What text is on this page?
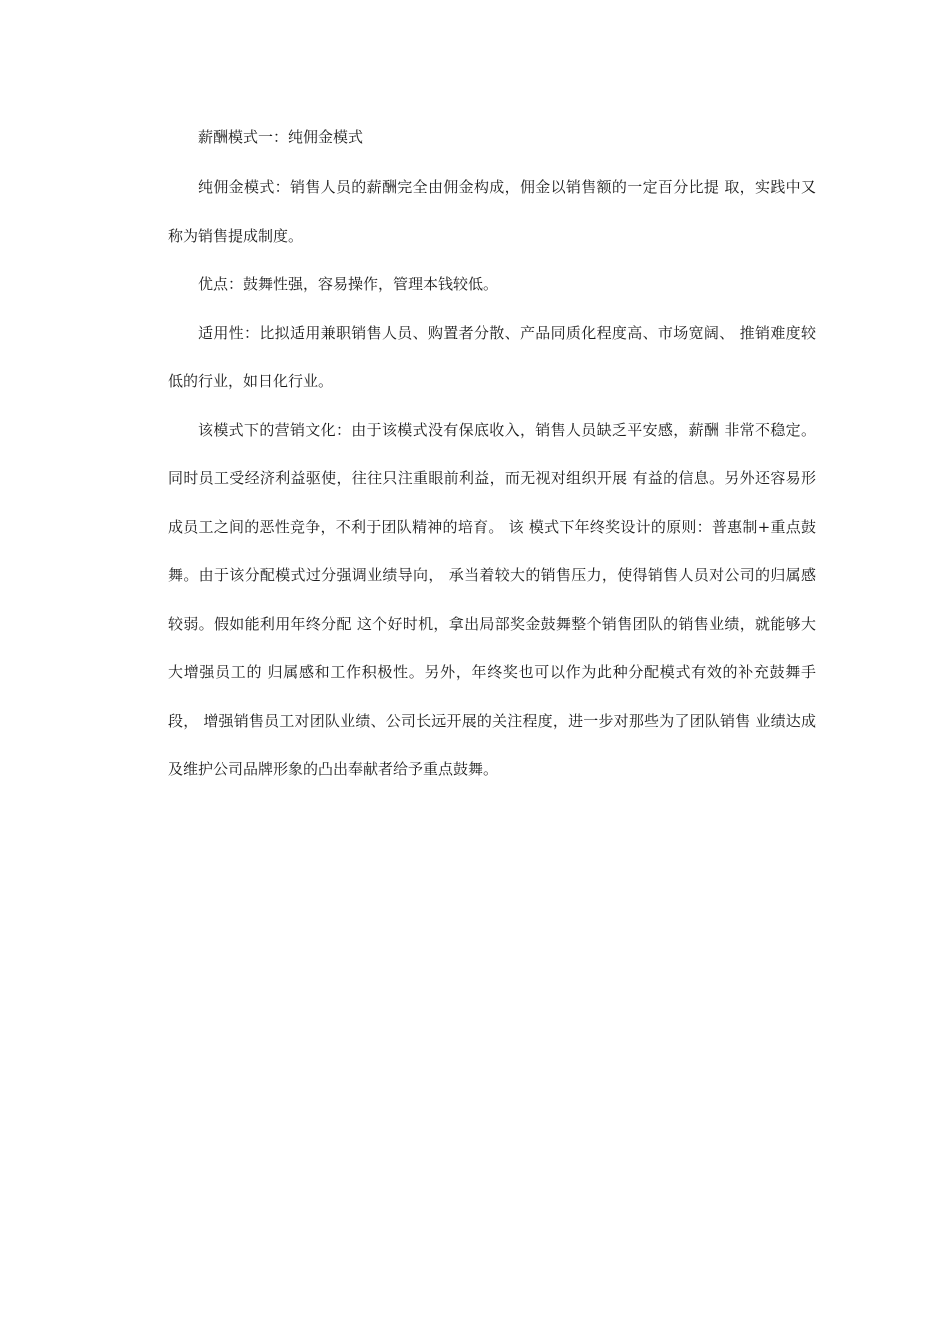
薪酬模式一：纯佣金模式

纯佣金模式：销售人员的薪酬完全由佣金构成，佣金以销售额的一定百分比提 取，实践中又称为销售提成制度。

优点：鼓舞性强，容易操作，管理本钱较低。

适用性：比拟适用兼职销售人员、购置者分散、产品同质化程度高、市场宽阔、 推销难度较低的行业，如日化行业。

该模式下的营销文化：由于该模式没有保底收入，销售人员缺乏平安感，薪酬 非常不稳定。同时员工受经济利益驱使，往往只注重眼前利益，而无视对组织开展 有益的信息。另外还容易形成员工之间的恶性竞争，不利于团队精神的培育。 该 模式下年终奖设计的原则：普惠制+重点鼓舞。由于该分配模式过分强调业绩导向， 承当着较大的销售压力，使得销售人员对公司的归属感较弱。假如能利用年终分配 这个好时机，拿出局部奖金鼓舞整个销售团队的销售业绩，就能够大大增强员工的 归属感和工作积极性。另外，年终奖也可以作为此种分配模式有效的补充鼓舞手段， 增强销售员工对团队业绩、公司长远开展的关注程度，进一步对那些为了团队销售 业绩达成及维护公司品牌形象的凸出奉献者给予重点鼓舞。
